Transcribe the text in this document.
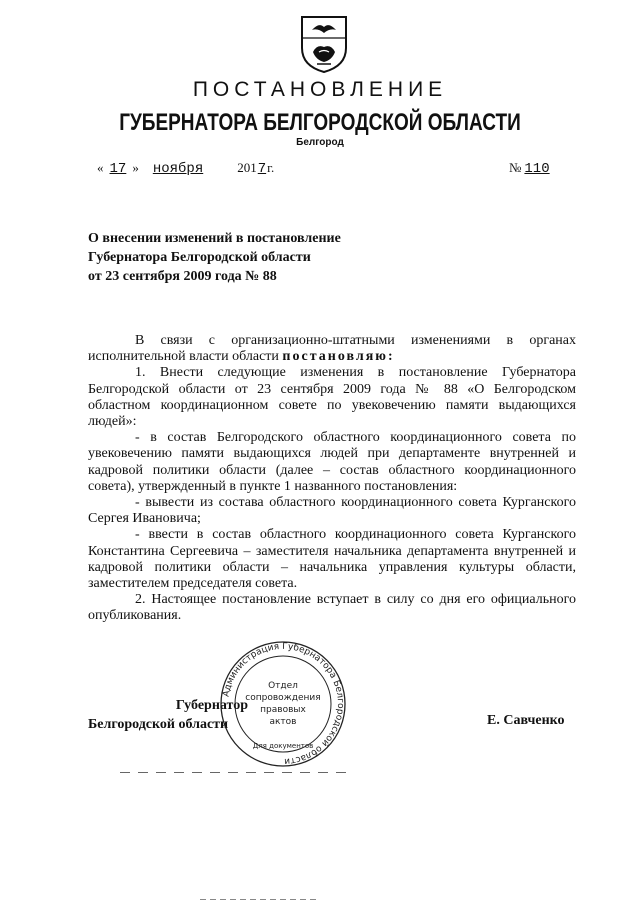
ПОСТАНОВЛЕНИЕ
ГУБЕРНАТОРА БЕЛГОРОДСКОЙ ОБЛАСТИ
Белгород
« 17 » ноября	2017г.	№ 110
О внесении изменений в постановление
Губернатора Белгородской области
от 23 сентября 2009 года № 88

В связи с организационно-штатными изменениями в органах исполнительной власти области постановляю:

1. Внести следующие изменения в постановление Губернатора Белгородской области от 23 сентября 2009 года № 88 «О Белгородском областном координационном совете по увековечению памяти выдающихся людей»:

- в состав Белгородского областного координационного совета по увековечению памяти выдающихся людей при департаменте внутренней и кадровой политики области (далее – состав областного координационного совета), утвержденный в пункте 1 названного постановления:

- вывести из состава областного координационного совета Курганского Сергея Ивановича;

- ввести в состав областного координационного совета Курганского Константина Сергеевича – заместителя начальника департамента внутренней и кадровой политики области – начальника управления культуры области, заместителем председателя совета.

2. Настоящее постановление вступает в силу со дня его официального опубликования.

Губернатор
Белгородской области	Е. Савченко
Администрация Губернатора Белгородской области
Для документов
Отдел
сопровождения
правовых
актов
